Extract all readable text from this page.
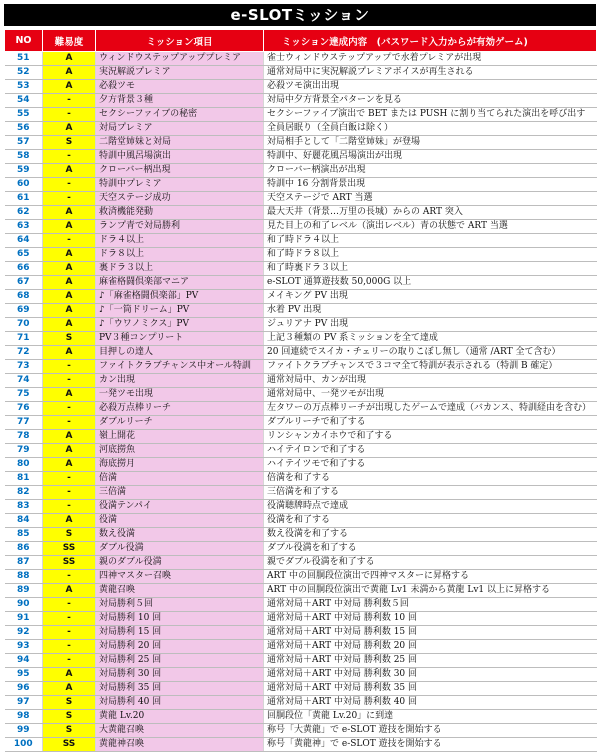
e-SLOTミッション
NO	難易度	ミッション項目	ミッション達成内容　(パスワード入力からが有効ゲーム)
51	A	ウィンドウステップアッププレミア	雀士ウィンドウステップアップで水着プレミアが出現
52	A	実況解説プレミア	通常対局中に実況解説プレミアボイスが再生される
53	A	必殺ツモ	必殺ツモ演出出現
54	-	夕方背景３種	対局中夕方背景全パターンを見る
55	-	セクシーファイブの秘密	セクシーファイブ演出で BET または PUSH に割り当てられた演出を呼び出す
56	A	対局プレミア	全員居眠り（全員白飯は除く）
57	S	二階堂姉妹と対局	対局相手として「二階堂姉妹」が登場
58	-	特訓中風呂場演出	特訓中、好麗花風呂場演出が出現
59	A	クローバー柄出現	クローバー柄演出が出現
60	-	特訓中プレミア	特訓中 16 分割背景出現
61	-	天空ステージ成功	天空ステージで ART 当選
62	A	救済機能発動	最大天井（背景…万里の長城）からの ART 突入
63	A	ランプ青で対局勝利	見た目上の和了レベル（演出レベル）青の状態で ART 当選
64	-	ドラ４以上	和了時ドラ４以上
65	A	ドラ８以上	和了時ドラ８以上
66	A	裏ドラ３以上	和了時裏ドラ３以上
67	A	麻雀格闘倶楽部マニア	e-SLOT 通算遊技数 50,000G 以上
68	A	♪「麻雀格闘倶楽部」PV	メイキング PV 出現
69	A	♪「一筒ドリーム」PV	水着 PV 出現
70	A	♪「ウワノミクス」PV	ジュリアナ PV 出現
71	S	PV３種コンプリート	上記３種類の PV 系ミッションを全て達成
72	A	目押しの達人	20 回連続でスイカ・チェリーの取りこぼし無し（通常 /ART 全て含む）
73	-	ファイトクラブチャンス中オール特訓	ファイトクラブチャンスで３コマ全て特訓が表示される（特訓 B 確定）
74	-	カン出現	通常対局中、カンが出現
75	A	一発ツモ出現	通常対局中、一発ツモが出現
76	-	必殺万点棒リーチ	左タワーの万点棒リーチが出現したゲームで達成（バカンス、特訓経由を含む）
77	-	ダブルリーチ	ダブルリーチで和了する
78	A	嶺上開花	リンシャンカイホウで和了する
79	A	河底撈魚	ハイテイロンで和了する
80	A	海底撈月	ハイテイツモで和了する
81	-	倍満	倍満を和了する
82	-	三倍満	三倍満を和了する
83	-	役満テンパイ	役満聴牌時点で達成
84	A	役満	役満を和了する
85	S	数え役満	数え役満を和了する
86	SS	ダブル役満	ダブル役満を和了する
87	SS	親のダブル役満	親でダブル役満を和了する
88	-	四神マスター召喚	ART 中の回胴段位演出で四神マスターに昇格する
89	A	黄龍召喚	ART 中の回胴段位演出で黄龍 Lv1 未満から黄龍 Lv1 以上に昇格する
90	-	対局勝利５回	通常対局＋ART 中対局 勝利数５回
91	-	対局勝利 10 回	通常対局＋ART 中対局 勝利数 10 回
92	-	対局勝利 15 回	通常対局＋ART 中対局 勝利数 15 回
93	-	対局勝利 20 回	通常対局＋ART 中対局 勝利数 20 回
94	-	対局勝利 25 回	通常対局＋ART 中対局 勝利数 25 回
95	A	対局勝利 30 回	通常対局＋ART 中対局 勝利数 30 回
96	A	対局勝利 35 回	通常対局＋ART 中対局 勝利数 35 回
97	S	対局勝利 40 回	通常対局＋ART 中対局 勝利数 40 回
98	S	黄龍 Lv.20	回胴段位「黄龍 Lv.20」に到達
99	S	大黄龍召喚	称号「大黄龍」で e-SLOT 遊技を開始する
100	SS	黄龍神召喚	称号「黄龍神」で e-SLOT 遊技を開始する
